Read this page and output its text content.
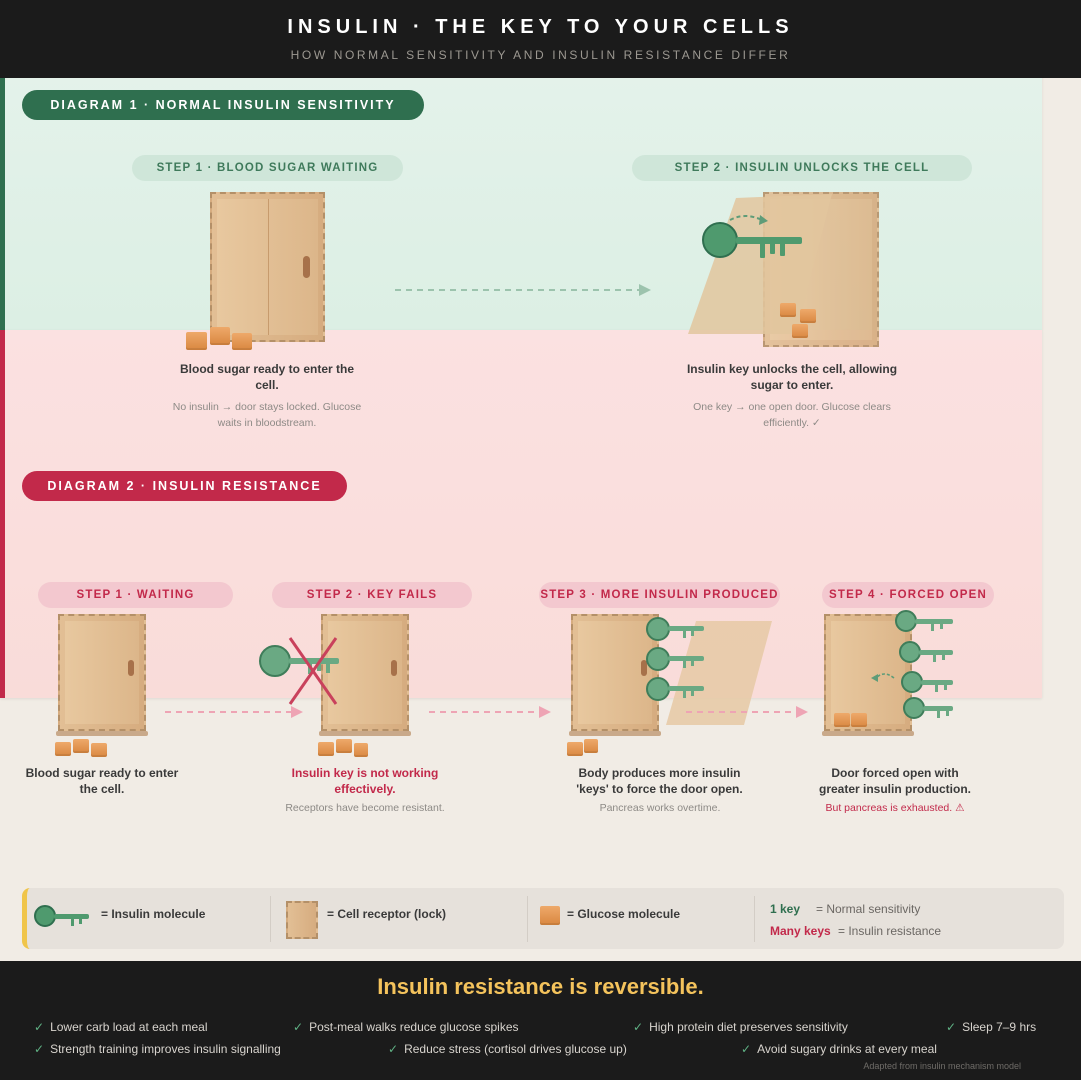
INSULIN · THE KEY TO YOUR CELLS
HOW NORMAL SENSITIVITY AND INSULIN RESISTANCE DIFFER
DIAGRAM 1 · NORMAL INSULIN SENSITIVITY
STEP 1 · BLOOD SUGAR WAITING	STEP 2 · INSULIN UNLOCKS THE CELL
Blood sugar ready to enter the cell.
No insulin → door stays locked. Glucose waits in bloodstream.
Insulin key unlocks the cell, allowing sugar to enter.
One key → one open door. Glucose clears efficiently. ✓
DIAGRAM 2 · INSULIN RESISTANCE
STEP 1 · WAITING	STEP 2 · KEY FAILS	STEP 3 · MORE INSULIN PRODUCED	STEP 4 · FORCED OPEN
Blood sugar ready to enter the cell.
Insulin key is not working effectively.
Receptors have become resistant.
Body produces more insulin 'keys' to force the door open.
Pancreas works overtime.
Door forced open with greater insulin production.
But pancreas is exhausted. ⚠
= Insulin molecule	= Cell receptor (lock)	= Glucose molecule	1 key = Normal sensitivity
Many keys = Insulin resistance
Insulin resistance is reversible.
✓ Lower carb load at each meal	✓ Post-meal walks reduce glucose spikes	✓ High protein diet preserves sensitivity	✓ Sleep 7–9 hrs
✓ Strength training improves insulin signalling	✓ Reduce stress (cortisol drives glucose up)	✓ Avoid sugary drinks at every meal
Adapted from insulin mechanism model
